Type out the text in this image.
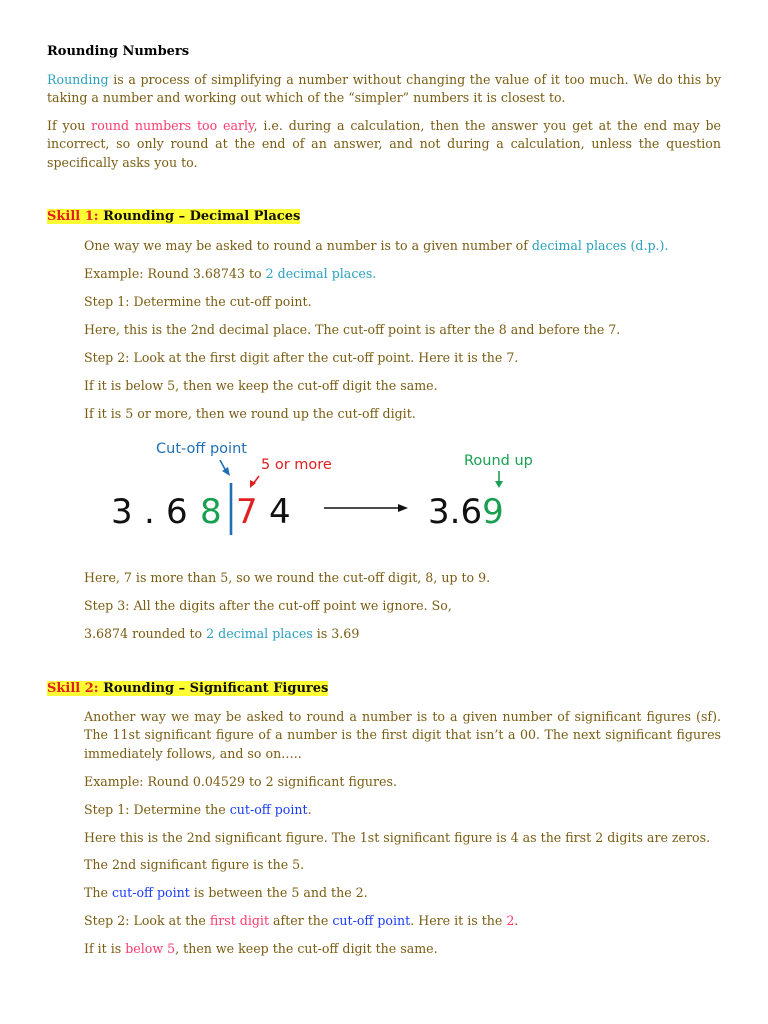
Rounding Numbers
Rounding is a process of simplifying a number without changing the value of it too much. We do this by taking a number and working out which of the “simpler” numbers it is closest to.
If you round numbers too early, i.e. during a calculation, then the answer you get at the end may be incorrect, so only round at the end of an answer, and not during a calculation, unless the question specifically asks you to.
Skill 1: Rounding – Decimal Places
One way we may be asked to round a number is to a given number of decimal places (d.p.).
Example: Round 3.68743 to 2 decimal places.
Step 1: Determine the cut-off point.
Here, this is the 2nd decimal place. The cut-off point is after the 8 and before the 7.
Step 2: Look at the first digit after the cut-off point. Here it is the 7.
If it is below 5, then we keep the cut-off digit the same.
If it is 5 or more, then we round up the cut-off digit.
Cut-off point
5 or more	Round up
3 . 6 8 7 4	3.69
Here, 7 is more than 5, so we round the cut-off digit, 8, up to 9.
Step 3: All the digits after the cut-off point we ignore. So,
3.6874 rounded to 2 decimal places is 3.69
Skill 2: Rounding – Significant Figures
Another way we may be asked to round a number is to a given number of significant figures (sf). The 11st significant figure of a number is the first digit that isn’t a 00. The next significant figures immediately follows, and so on…..
Example: Round 0.04529 to 2 significant figures.
Step 1: Determine the cut-off point.
Here this is the 2nd significant figure. The 1st significant figure is 4 as the first 2 digits are zeros.
The 2nd significant figure is the 5.
The cut-off point is between the 5 and the 2.
Step 2: Look at the first digit after the cut-off point. Here it is the 2.
If it is below 5, then we keep the cut-off digit the same.
